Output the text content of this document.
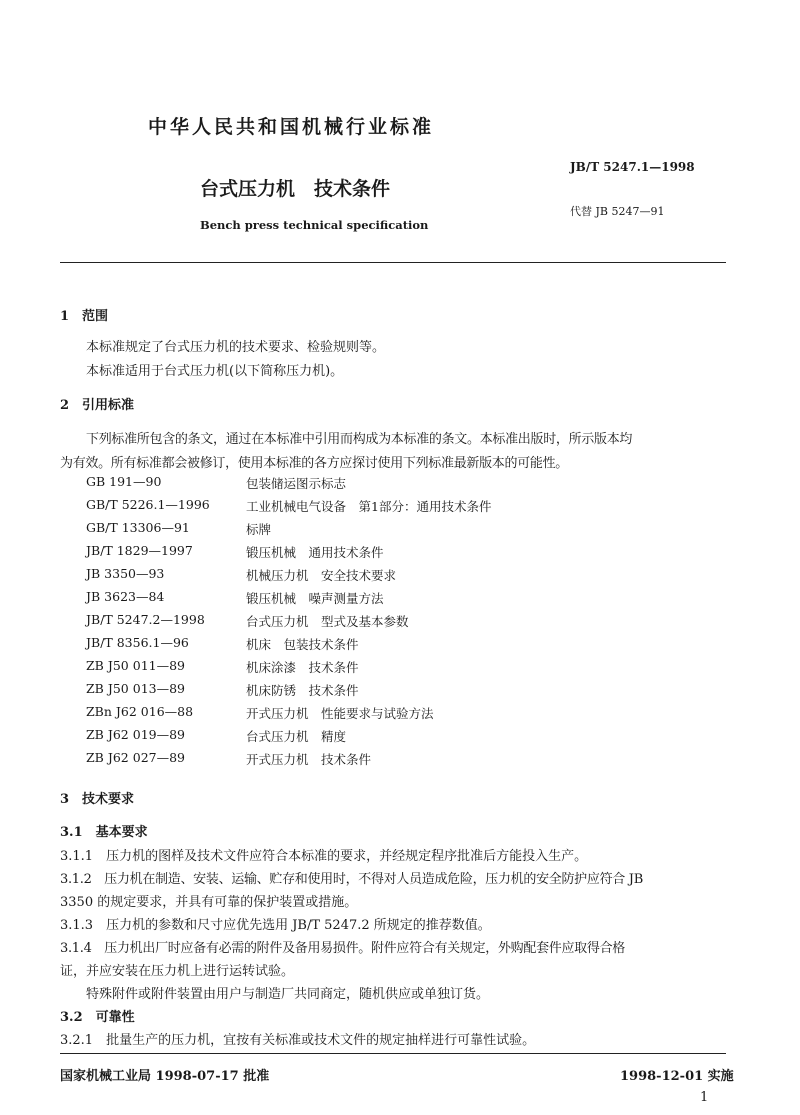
中华人民共和国机械行业标准
JB/T 5247.1—1998
台式压力机　技术条件
代替 JB 5247—91
Bench press technical specification
1　范围
本标准规定了台式压力机的技术要求、检验规则等。
本标准适用于台式压力机(以下简称压力机)。
2　引用标准
下列标准所包含的条文，通过在本标准中引用而构成为本标准的条文。本标准出版时，所示版本均
为有效。所有标准都会被修订，使用本标准的各方应探讨使用下列标准最新版本的可能性。
GB 191—90	包装储运图示标志
GB/T 5226.1—1996	工业机械电气设备　第1部分：通用技术条件
GB/T 13306—91	标牌
JB/T 1829—1997	锻压机械　通用技术条件
JB 3350—93	机械压力机　安全技术要求
JB 3623—84	锻压机械　噪声测量方法
JB/T 5247.2—1998	台式压力机　型式及基本参数
JB/T 8356.1—96	机床　包装技术条件
ZB J50 011—89	机床涂漆　技术条件
ZB J50 013—89	机床防锈　技术条件
ZBn J62 016—88	开式压力机　性能要求与试验方法
ZB J62 019—89	台式压力机　精度
ZB J62 027—89	开式压力机　技术条件
3　技术要求
3.1　基本要求
3.1.1　压力机的图样及技术文件应符合本标准的要求，并经规定程序批准后方能投入生产。
3.1.2　压力机在制造、安装、运输、贮存和使用时，不得对人员造成危险，压力机的安全防护应符合 JB
3350 的规定要求，并具有可靠的保护装置或措施。
3.1.3　压力机的参数和尺寸应优先选用 JB/T 5247.2 所规定的推荐数值。
3.1.4　压力机出厂时应备有必需的附件及备用易损件。附件应符合有关规定，外购配套件应取得合格
证，并应安装在压力机上进行运转试验。
特殊附件或附件装置由用户与制造厂共同商定，随机供应或单独订货。
3.2　可靠性
3.2.1　批量生产的压力机，宜按有关标准或技术文件的规定抽样进行可靠性试验。
国家机械工业局 1998-07-17 批准	1998-12-01 实施
1
